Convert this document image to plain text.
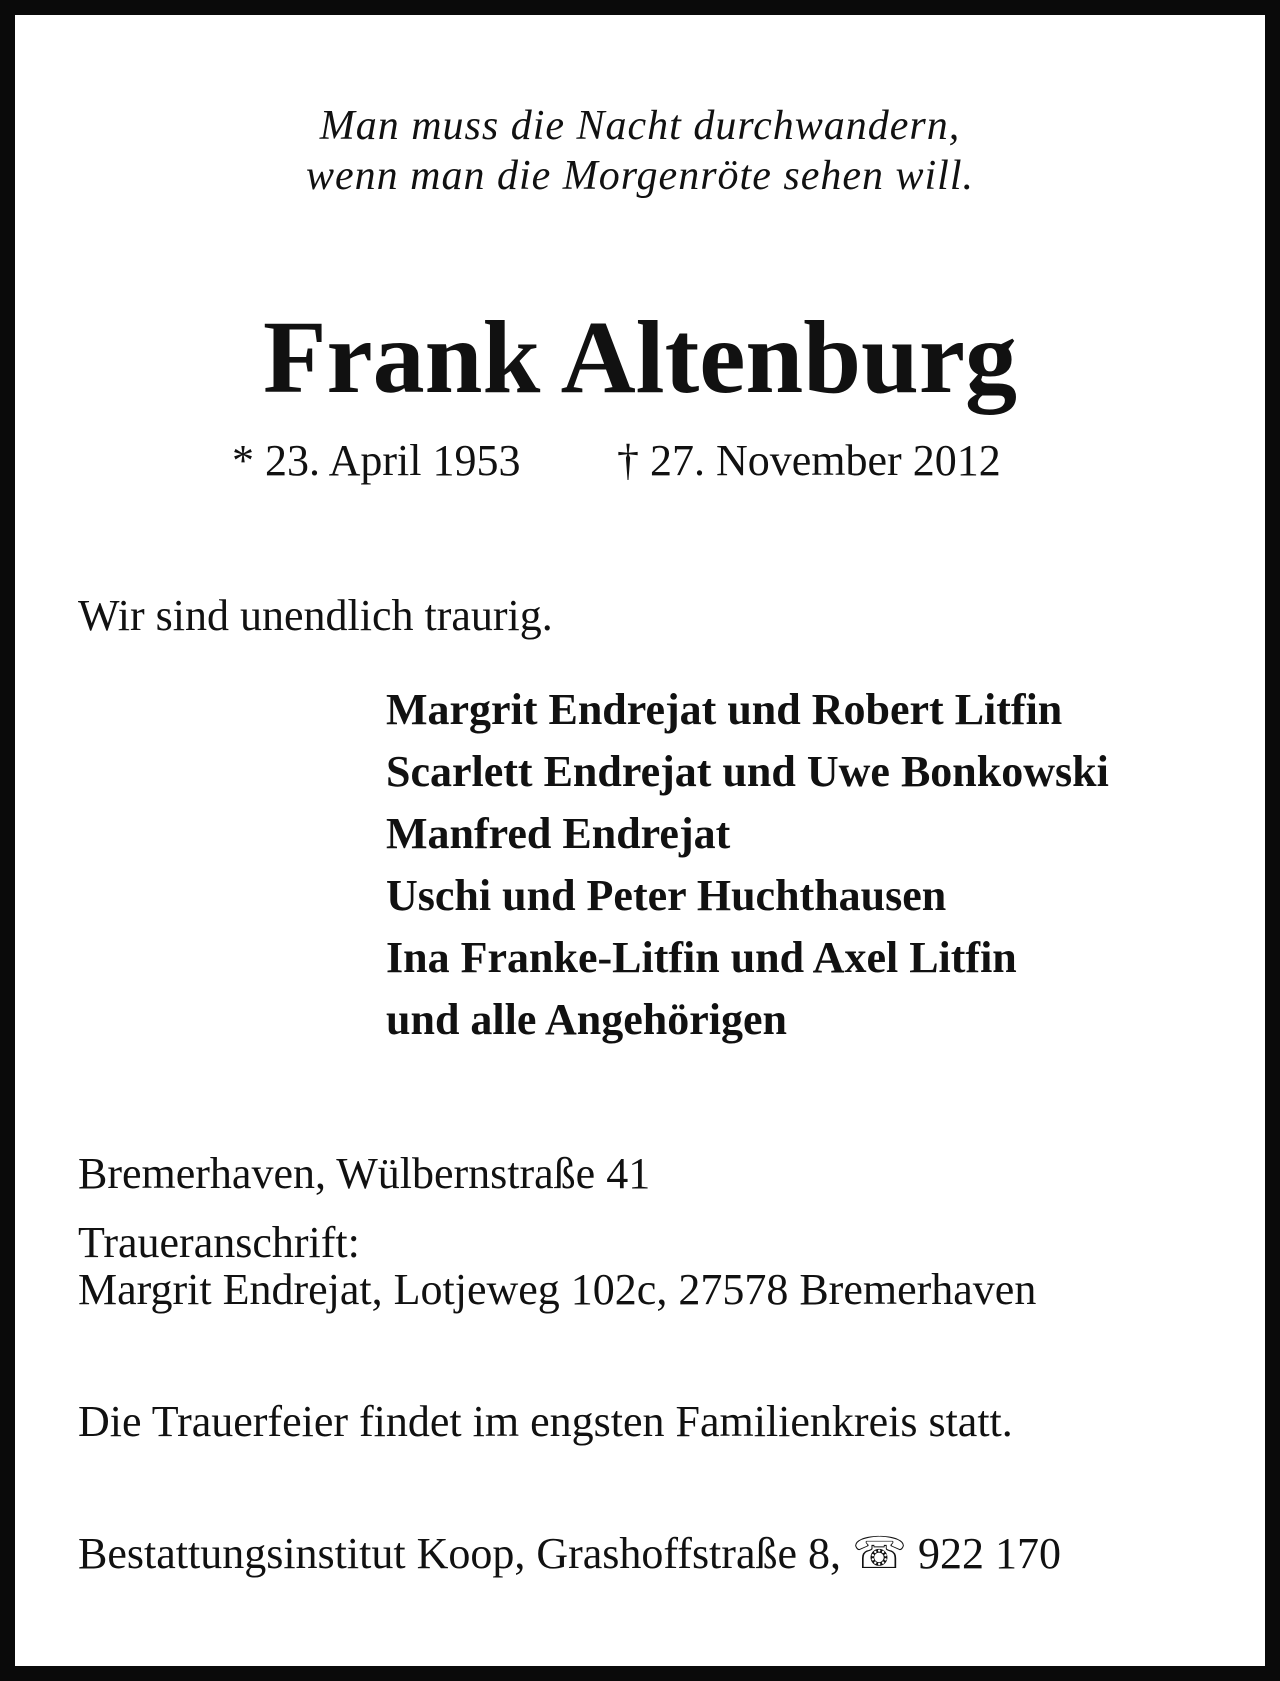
Man muss die Nacht durchwandern,
wenn man die Morgenröte sehen will.
Frank Altenburg
* 23. April 1953 † 27. November 2012
Wir sind unendlich traurig.
Margrit Endrejat und Robert Litfin
Scarlett Endrejat und Uwe Bonkowski
Manfred Endrejat
Uschi und Peter Huchthausen
Ina Franke-Litfin und Axel Litfin
und alle Angehörigen
Bremerhaven, Wülbernstraße 41
Traueranschrift:
Margrit Endrejat, Lotjeweg 102c, 27578 Bremerhaven
Die Trauerfeier findet im engsten Familienkreis statt.
Bestattungsinstitut Koop, Grashoffstraße 8, ☏ 922 170
